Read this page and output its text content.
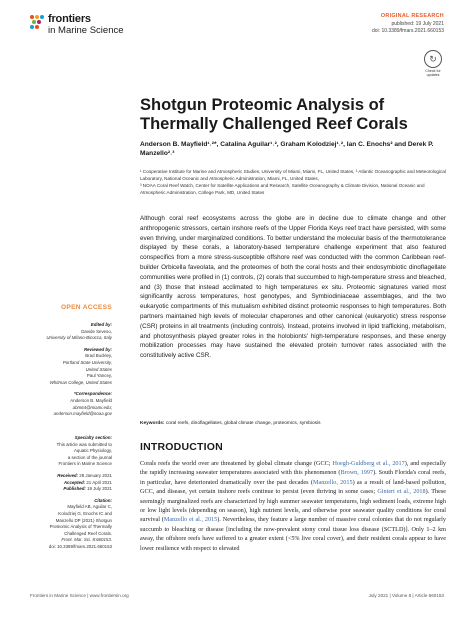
frontiers
in Marine Science
ORIGINAL RESEARCH
published: 19 July 2021
doi: 10.3389/fmars.2021.660153
↻
Check for updates
Shotgun Proteomic Analysis of Thermally Challenged Reef Corals
Anderson B. Mayfield¹˒²*, Catalina Aguilar¹˒², Graham Kolodziej¹˒², Ian C. Enochs² and Derek P. Manzello²˒³
¹ Cooperative Institute for Marine and Atmospheric Studies, University of Miami, Miami, FL, United States, ² Atlantic Oceanographic and Meteorological Laboratory, National Oceanic and Atmospheric Administration, Miami, FL, United States,
³ NOAA Coral Reef Watch, Center for Satellite Applications and Research, Satellite Oceanography & Climate Division, National Oceanic and Atmospheric Administration, College Park, MD, United States

Although coral reef ecosystems across the globe are in decline due to climate change and other anthropogenic stressors, certain inshore reefs of the Upper Florida Keys reef tract have persisted, with some even thriving, under marginalized conditions. To better understand the molecular basis of the thermotolerance displayed by these corals, a laboratory-based temperature challenge experiment that also featured conspecifics from a more stress-susceptible offshore reef was conducted with the common Caribbean reef-builder Orbicella faveolata, and the proteomes of both the coral hosts and their endosymbiotic dinoflagellate communities were profiled in (1) controls, (2) corals that succumbed to high-temperature stress and bleached, and (3) those that instead acclimated to high temperatures ex situ. Proteomic signatures varied most significantly across temperatures, host genotypes, and Symbiodiniaceae assemblages, and the two eukaryotic compartments of this mutualism exhibited distinct proteomic responses to high temperatures. Both partners maintained high levels of molecular chaperones and other canonical (eukaryotic) stress response (CSR) proteins in all treatments (including controls). Instead, proteins involved in lipid trafficking, metabolism, and photosynthesis played greater roles in the holobionts' high-temperature responses, and these energy mobilization processes may have sustained the elevated protein turnover rates associated with the constitutively active CSR.

Keywords: coral reefs, dinoflagellates, global climate change, proteomics, symbiosis
INTRODUCTION

Corals reefs the world over are threatened by global climate change (GCC; Hoegh-Guldberg et al., 2017), and especially the rapidly increasing seawater temperatures associated with this phenomenon (Brown, 1997). South Florida's coral reefs, in particular, have deteriorated dramatically over the past decades (Manzello, 2015) as a result of land-based pollution, GCC, and disease, yet certain inshore reefs continue to persist (even thriving in some cases; Gintert et al., 2018). These seemingly marginalized reefs are characterized by high summer seawater temperatures, high sediment loads, extreme high or low light levels (depending on season), high nutrient levels, and otherwise poor seawater quality conditions for coral survival (Manzello et al., 2015). Nevertheless, they feature a large number of massive coral colonies that do not regularly succumb to bleaching or disease [including the now-prevalent stony coral tissue loss disease (SCTLD)]. Only 1–2 km away, the offshore reefs have suffered to a greater extent (<5% live coral cover), and their resident corals appear to have lower resilience with respect to elevated

OPEN ACCESS
Edited by:
Davide Seveso,
University of Milano-Bicocca, Italy
Reviewed by:
Brad Buckley,
Portland State University,
United States
Paul Yancey,
Whitman College, United States
*Correspondence:
Anderson B. Mayfield
abm64@miami.edu;
anderson.mayfield@noaa.gov
Specialty section:
This article was submitted to
Aquatic Physiology,
a section of the journal
Frontiers in Marine Science
Received: 28 January 2021
Accepted: 21 April 2021
Published: 19 July 2021
Citation:
Mayfield AB, Aguilar C,
Kolodziej G, Enochs IC and
Manzello DP (2021) Shotgun
Proteomic Analysis of Thermally
Challenged Reef Corals.
Front. Mar. Sci. 8:660153.
doi: 10.3389/fmars.2021.660153
Frontiers in Marine Science | www.frontiersin.org	July 2021 | Volume 8 | Article 660153
